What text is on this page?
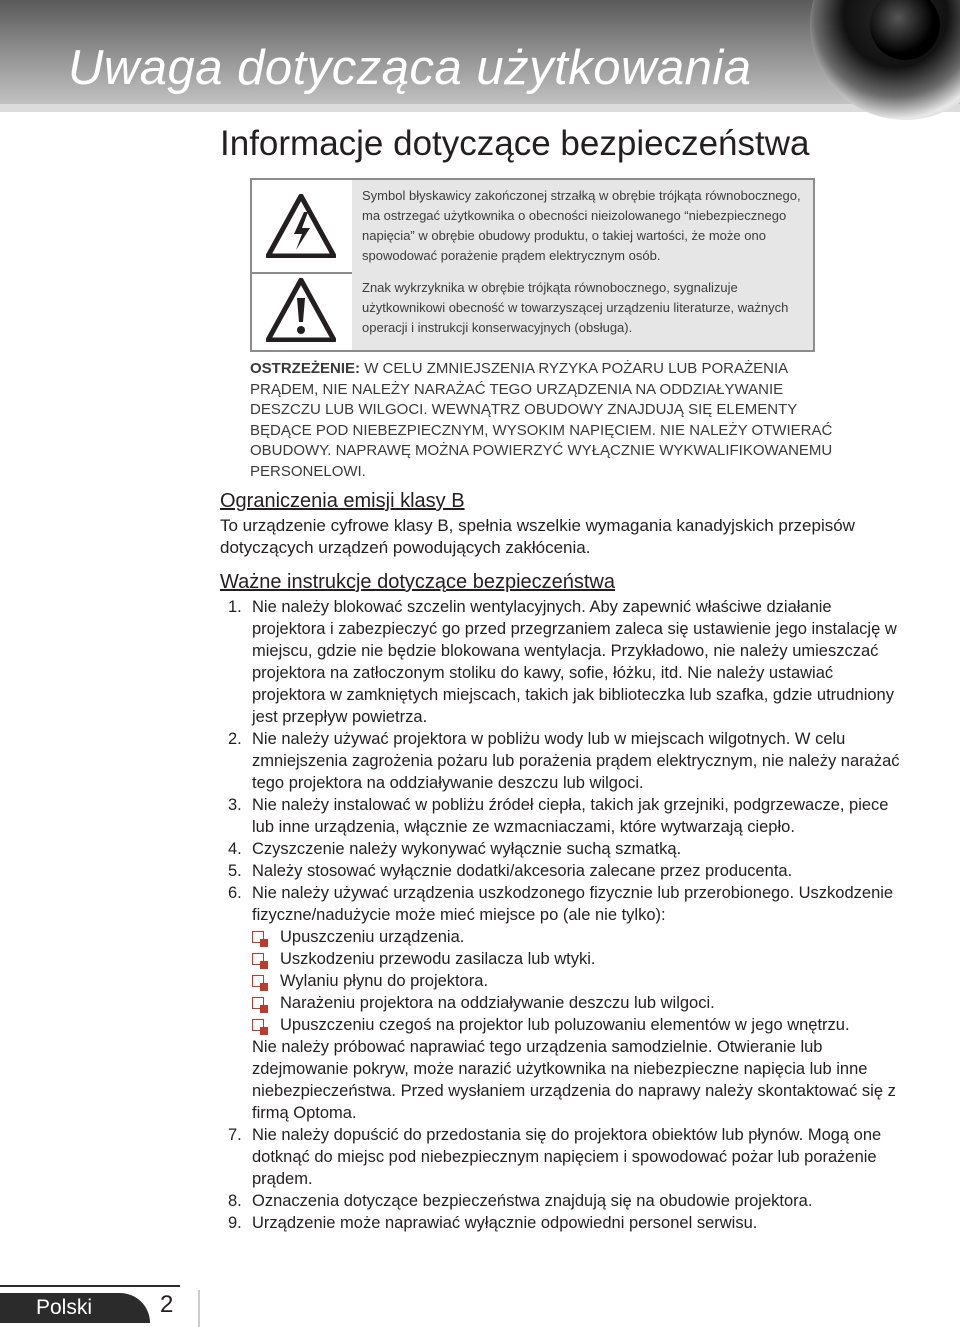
Uwaga dotycząca użytkowania
Informacje dotyczące bezpieczeństwa
Symbol błyskawicy zakończonej strzałką w obrębie trójkąta równobocznego, ma ostrzegać użytkownika o obecności nieizolowanego “niebezpiecznego napięcia” w obrębie obudowy produktu, o takiej wartości, że może ono spowodować porażenie prądem elektrycznym osób.
Znak wykrzyknika w obrębie trójkąta równobocznego, sygnalizuje użytkownikowi obecność w towarzyszącej urządzeniu literaturze, ważnych operacji i instrukcji konserwacyjnych (obsługa).
OSTRZEŻENIE: W CELU ZMNIEJSZENIA RYZYKA POŻARU LUB PORAŻENIA PRĄDEM, NIE NALEŻY NARAŻAĆ TEGO URZĄDZENIA NA ODDZIAŁYWANIE DESZCZU LUB WILGOCI. WEWNĄTRZ OBUDOWY ZNAJDUJĄ SIĘ ELEMENTY BĘDĄCE POD NIEBEZPIECZNYM, WYSOKIM NAPIĘCIEM. NIE NALEŻY OTWIERAĆ OBUDOWY. NAPRAWĘ MOŻNA POWIERZYĆ WYŁĄCZNIE WYKWALIFIKOWANEMU PERSONELOWI.
Ograniczenia emisji klasy B
To urządzenie cyfrowe klasy B, spełnia wszelkie wymagania kanadyjskich przepisów dotyczących urządzeń powodujących zakłócenia.
Ważne instrukcje dotyczące bezpieczeństwa
1. Nie należy blokować szczelin wentylacyjnych. Aby zapewnić właściwe działanie projektora i zabezpieczyć go przed przegrzaniem zaleca się ustawienie jego instalację w miejscu, gdzie nie będzie blokowana wentylacja. Przykładowo, nie należy umieszczać projektora na zatłoczonym stoliku do kawy, sofie, łóżku, itd. Nie należy ustawiać projektora w zamkniętych miejscach, takich jak biblioteczka lub szafka, gdzie utrudniony jest przepływ powietrza.
2. Nie należy używać projektora w pobliżu wody lub w miejscach wilgotnych. W celu zmniejszenia zagrożenia pożaru lub porażenia prądem elektrycznym, nie należy narażać tego projektora na oddziaływanie deszczu lub wilgoci.
3. Nie należy instalować w pobliżu źródeł ciepła, takich jak grzejniki, podgrzewacze, piece lub inne urządzenia, włącznie ze wzmacniaczami, które wytwarzają ciepło.
4. Czyszczenie należy wykonywać wyłącznie suchą szmatką.
5. Należy stosować wyłącznie dodatki/akcesoria zalecane przez producenta.
6. Nie należy używać urządzenia uszkodzonego fizycznie lub przerobionego. Uszkodzenie fizyczne/nadużycie może mieć miejsce po (ale nie tylko):
Upuszczeniu urządzenia.
Uszkodzeniu przewodu zasilacza lub wtyki.
Wylaniu płynu do projektora.
Narażeniu projektora na oddziaływanie deszczu lub wilgoci.
Upuszczeniu czegoś na projektor lub poluzowaniu elementów w jego wnętrzu.
Nie należy próbować naprawiać tego urządzenia samodzielnie. Otwieranie lub zdejmowanie pokryw, może narazić użytkownika na niebezpieczne napięcia lub inne niebezpieczeństwa. Przed wysłaniem urządzenia do naprawy należy skontaktować się z firmą Optoma.
7. Nie należy dopuścić do przedostania się do projektora obiektów lub płynów. Mogą one dotknąć do miejsc pod niebezpiecznym napięciem i spowodować pożar lub porażenie prądem.
8. Oznaczenia dotyczące bezpieczeństwa znajdują się na obudowie projektora.
9. Urządzenie może naprawiać wyłącznie odpowiedni personel serwisu.
Polski	2
